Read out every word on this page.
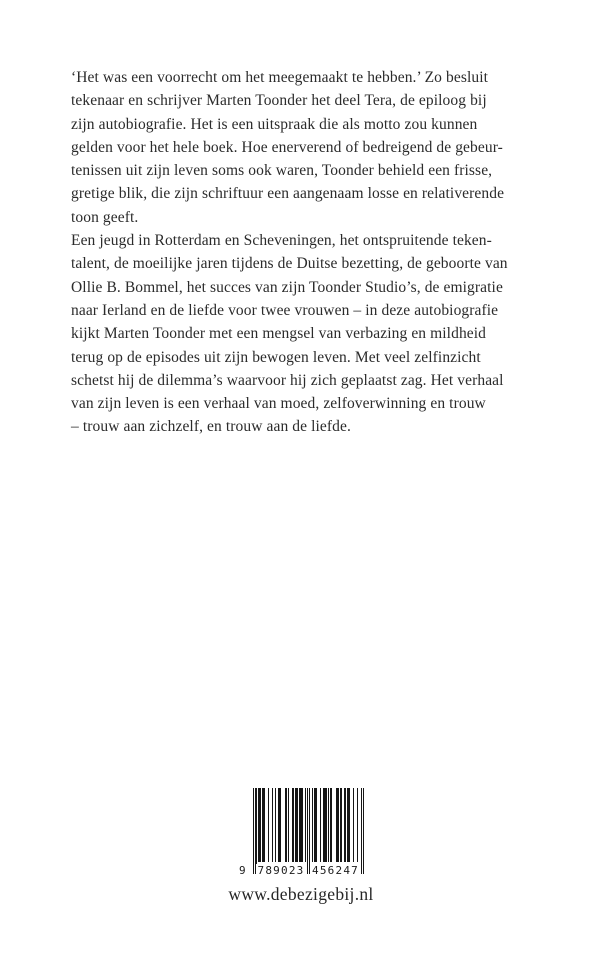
‘Het was een voorrecht om het meegemaakt te hebben.’ Zo besluit
tekenaar en schrijver Marten Toonder het deel Tera, de epiloog bij
zijn autobiografie. Het is een uitspraak die als motto zou kunnen
gelden voor het hele boek. Hoe enerverend of bedreigend de gebeur-
tenissen uit zijn leven soms ook waren, Toonder behield een frisse,
gretige blik, die zijn schriftuur een aangenaam losse en relativerende
toon geeft.
Een jeugd in Rotterdam en Scheveningen, het ontspruitende teken-
talent, de moeilijke jaren tijdens de Duitse bezetting, de geboorte van
Ollie B. Bommel, het succes van zijn Toonder Studio’s, de emigratie
naar Ierland en de liefde voor twee vrouwen – in deze autobiografie
kijkt Marten Toonder met een mengsel van verbazing en mildheid
terug op de episodes uit zijn bewogen leven. Met veel zelfinzicht
schetst hij de dilemma’s waarvoor hij zich geplaatst zag. Het verhaal
van zijn leven is een verhaal van moed, zelfoverwinning en trouw
– trouw aan zichzelf, en trouw aan de liefde.
9 789023 456247
www.debezigebij.nl
